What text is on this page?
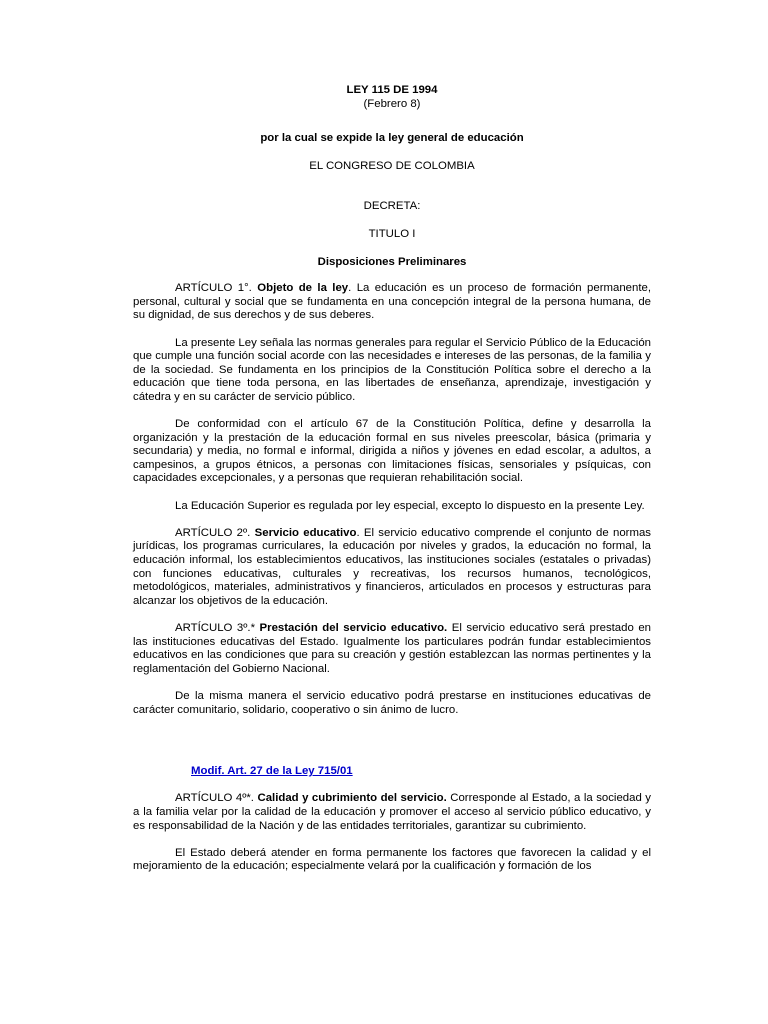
LEY 115 DE 1994
(Febrero 8)
por la cual se expide la ley general de educación
EL CONGRESO DE COLOMBIA
DECRETA:
TITULO I
Disposiciones Preliminares

ARTÍCULO 1°. Objeto de la ley. La educación es un proceso de formación permanente, personal, cultural y social que se fundamenta en una concepción integral de la persona humana, de su dignidad, de sus derechos y de sus deberes.

La presente Ley señala las normas generales para regular el Servicio Público de la Educación que cumple una función social acorde con las necesidades e intereses de las personas, de la familia y de la sociedad. Se fundamenta en los principios de la Constitución Política sobre el derecho a la educación que tiene toda persona, en las libertades de enseñanza, aprendizaje, investigación y cátedra y en su carácter de servicio público.

De conformidad con el artículo 67 de la Constitución Política, define y desarrolla la organización y la prestación de la educación formal en sus niveles preescolar, básica (primaria y secundaria) y media, no formal e informal, dirigida a niños y jóvenes en edad escolar, a adultos, a campesinos, a grupos étnicos, a personas con limitaciones físicas, sensoriales y psíquicas, con capacidades excepcionales, y a personas que requieran rehabilitación social.

La Educación Superior es regulada por ley especial, excepto lo dispuesto en la presente Ley.

ARTÍCULO 2º. Servicio educativo. El servicio educativo comprende el conjunto de normas jurídicas, los programas curriculares, la educación por niveles y grados, la educación no formal, la educación informal, los establecimientos educativos, las instituciones sociales (estatales o privadas) con funciones educativas, culturales y recreativas, los recursos humanos, tecnológicos, metodológicos, materiales, administrativos y financieros, articulados en procesos y estructuras para alcanzar los objetivos de la educación.

ARTÍCULO 3º.* Prestación del servicio educativo. El servicio educativo será prestado en las instituciones educativas del Estado. Igualmente los particulares podrán fundar establecimientos educativos en las condiciones que para su creación y gestión establezcan las normas pertinentes y la reglamentación del Gobierno Nacional.

De la misma manera el servicio educativo podrá prestarse en instituciones educativas de carácter comunitario, solidario, cooperativo o sin ánimo de lucro.

Modif. Art. 27 de la Ley 715/01

ARTÍCULO 4º*. Calidad y cubrimiento del servicio. Corresponde al Estado, a la sociedad y a la familia velar por la calidad de la educación y promover el acceso al servicio público educativo, y es responsabilidad de la Nación y de las entidades territoriales, garantizar su cubrimiento.

El Estado deberá atender en forma permanente los factores que favorecen la calidad y el mejoramiento de la educación; especialmente velará por la cualificación y formación de los
